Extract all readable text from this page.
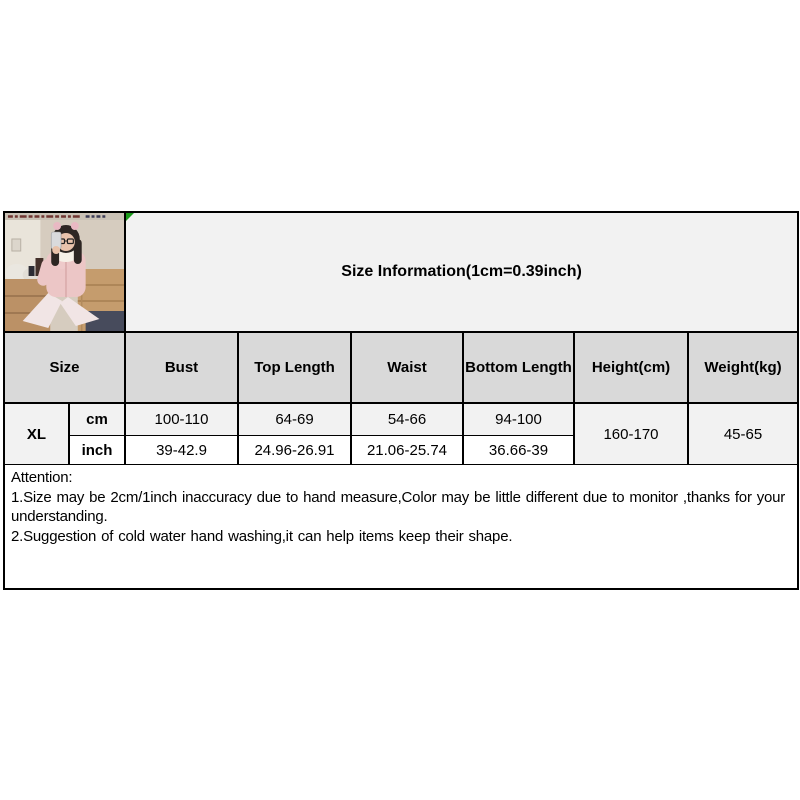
Size Information(1cm=0.39inch)					
Size		Bust	Top Length	Waist	Bottom Length	Height(cm)	Weight(kg)
XL	cm	100-110	64-69	54-66	94-100	160-170	45-65
	inch	39-42.9	24.96-26.91	21.06-25.74	36.66-39		

Attention:
1.Size may be 2cm/1inch inaccuracy due to hand measure,Color may be little different due to monitor ,thanks for your understanding.
2.Suggestion of cold water hand washing,it can help items keep their shape.							
